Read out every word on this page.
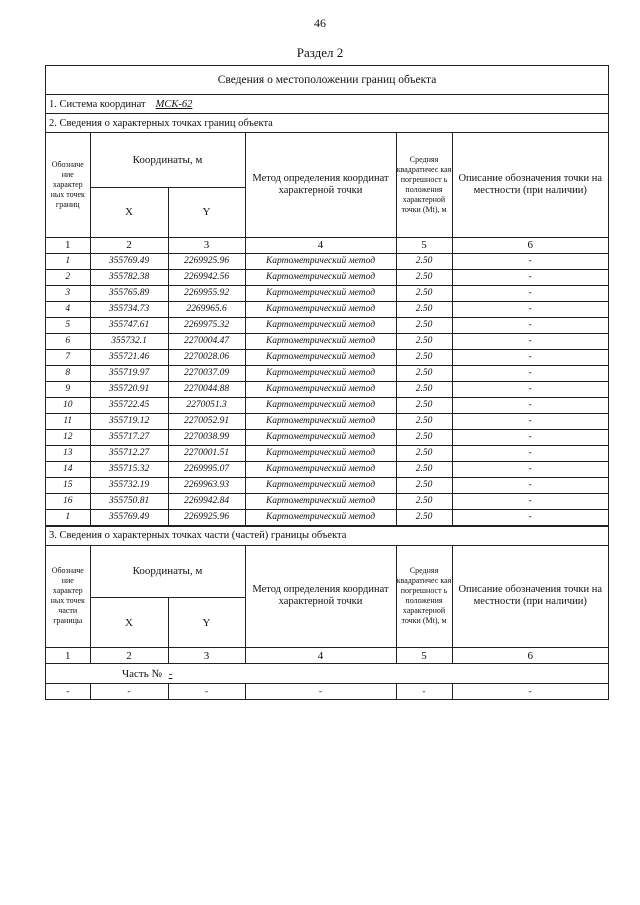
46
Раздел 2
Сведения о местоположении границ объекта
1. Система координат МСК-62
2. Сведения о характерных точках границ объекта

Обозначе ние характер ных точек границ	Координаты, м	Метод определения координат характерной точки	Средняя квадратичес кая погрешност ь положения характерной точки (Mt), м	Описание обозначения точки на местности (при наличии)
X	Y
1	2	3	4	5	6
1	355769.49	2269925.96	Картометрический метод	2.50	-
2	355782.38	2269942.56	Картометрический метод	2.50	-
3	355765.89	2269955.92	Картометрический метод	2.50	-
4	355734.73	2269965.6	Картометрический метод	2.50	-
5	355747.61	2269975.32	Картометрический метод	2.50	-
6	355732.1	2270004.47	Картометрический метод	2.50	-
7	355721.46	2270028.06	Картометрический метод	2.50	-
8	355719.97	2270037.09	Картометрический метод	2.50	-
9	355720.91	2270044.88	Картометрический метод	2.50	-
10	355722.45	2270051.3	Картометрический метод	2.50	-
11	355719.12	2270052.91	Картометрический метод	2.50	-
12	355717.27	2270038.99	Картометрический метод	2.50	-
13	355712.27	2270001.51	Картометрический метод	2.50	-
14	355715.32	2269995.07	Картометрический метод	2.50	-
15	355732.19	2269963.93	Картометрический метод	2.50	-
16	355750.81	2269942.84	Картометрический метод	2.50	-
1	355769.49	2269925.96	Картометрический метод	2.50	-

3. Сведения о характерных точках части (частей) границы объекта

Обозначе ние характер ных точек части границы	Координаты, м	Метод определения координат характерной точки	Средняя квадратичес кая погрешност ь положения характерной точки (Mt), м	Описание обозначения точки на местности (при наличии)
X	Y
1	2	3	4	5	6
Часть № -
-	-	-	-	-	-
